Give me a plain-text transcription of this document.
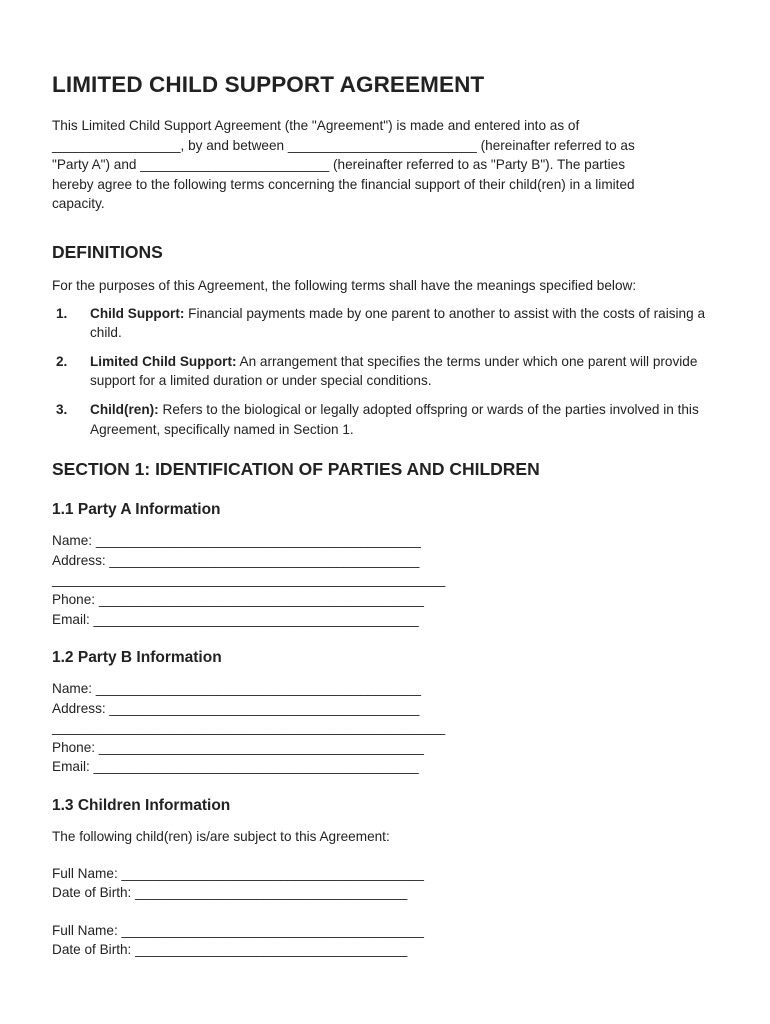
LIMITED CHILD SUPPORT AGREEMENT

This Limited Child Support Agreement (the "Agreement") is made and entered into as of
_________________, by and between _________________________ (hereinafter referred to as
"Party A") and _________________________ (hereinafter referred to as "Party B"). The parties
hereby agree to the following terms concerning the financial support of their child(ren) in a limited
capacity.

DEFINITIONS

For the purposes of this Agreement, the following terms shall have the meanings specified below:

1.	Child Support: Financial payments made by one parent to another to assist with the costs of raising a child.
2.	Limited Child Support: An arrangement that specifies the terms under which one parent will provide support for a limited duration or under special conditions.
3.	Child(ren): Refers to the biological or legally adopted offspring or wards of the parties involved in this Agreement, specifically named in Section 1.
SECTION 1: IDENTIFICATION OF PARTIES AND CHILDREN
1.1 Party A Information

Name: ___________________________________________

Address: _________________________________________

____________________________________________________

Phone: ___________________________________________

Email: ___________________________________________

1.2 Party B Information

Name: ___________________________________________

Address: _________________________________________

____________________________________________________

Phone: ___________________________________________

Email: ___________________________________________

1.3 Children Information

The following child(ren) is/are subject to this Agreement:

Full Name: ________________________________________

Date of Birth: ____________________________________

Full Name: ________________________________________

Date of Birth: ____________________________________
